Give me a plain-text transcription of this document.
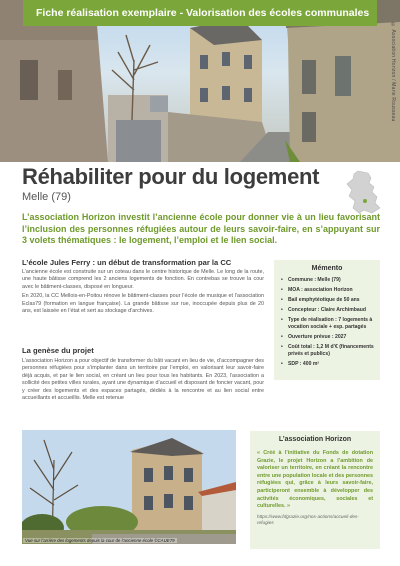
Fiche réalisation exemplaire - Valorisation des écoles communales
© Association Horizon / Marie Rousseau
Réhabiliter pour du logement
Melle (79)
L’association Horizon investit l’ancienne école pour donner vie à un lieu favorisant l’inclusion des personnes réfugiées autour de leurs savoir-faire, en s’appuyant sur 3 volets thématiques : le logement, l’emploi et le lien social.
L’école Jules Ferry : un début de transformation par la CC

L’ancienne école est construite sur un coteau dans le centre historique de Melle. Le long de la route, une haute bâtisse comprend les 2 anciens logements de fonction. En contrebas se trouve la cour avec le bâtiment-classes, disposé en longueur.

En 2020, la CC Mellois-en-Poitou rénove le bâtiment-classes pour l’école de musique et l’association Eclas79 (formation en langue française). La grande bâtisse sur rue, inoccupée depuis plus de 20 ans, est laissée en l’état et sert au stockage d’archives.

La genèse du projet

L’association Horizon a pour objectif de transformer du bâti vacant en lieu de vie, d’accompagner des personnes réfugiées pour s’implanter dans un territoire par l’emploi, en valorisant leur savoir-faire déjà acquis, et par le lien social, en créant un lieu pour tous les habitants. En 2023, l’association a sollicité des petites villes rurales, ayant une dynamique d’accueil et disposant de foncier vacant, pour y créer des logements et des espaces partagés, dédiés à la rencontre et au lien social entre accueillants et accueillis. Melle est retenue

Mémento
• Commune : Melle (79)
• MOA : association Horizon
• Bail emphytéotique de 50 ans
• Concepteur : Claire Archimbaud
• Type de réalisation : 7 logements à vocation sociale + esp. partagés
• Ouverture prévue : 2027
• Coût total : 1,2 M d’€ (financements privés et publics)
• SDP : 400 m²
Vue sur l’arrière des logements depuis la cour de l’ancienne école ©CAUE79
L’association Horizon
« Créé à l’initiative du Fonds de dotation Grazie, le projet Horizon a l’ambition de valoriser un territoire, en créant la rencontre entre une population locale et des personnes réfugiées qui, grâce à leurs savoir-faire, participeront ensemble à développer des activités économiques, sociales et culturelles. »
https://www.fdgrazie.org/nos-actions/accueil-des-refugies
